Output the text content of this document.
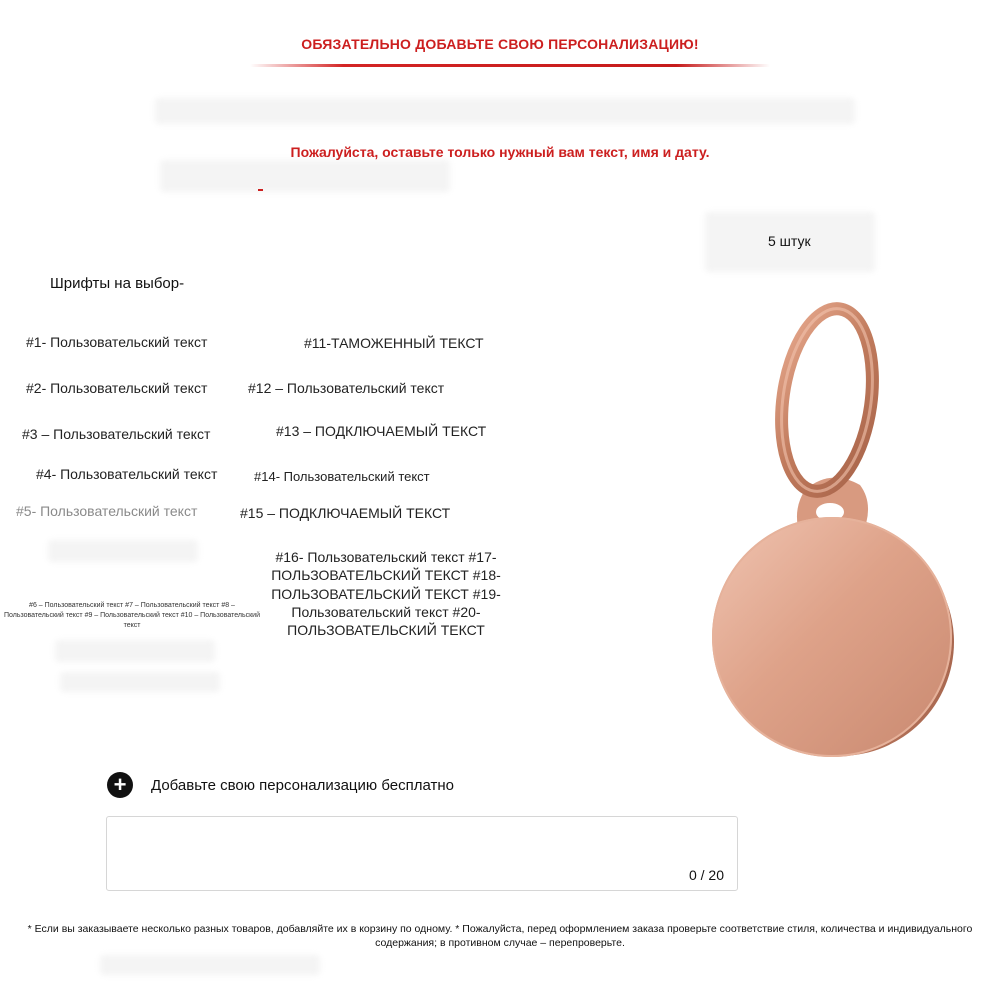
ОБЯЗАТЕЛЬНО ДОБАВЬТЕ СВОЮ ПЕРСОНАЛИЗАЦИЮ!
Пожалуйста, оставьте только нужный вам текст, имя и дату.
5 штук
Шрифты на выбор-
#1- Пользовательский текст	#11-ТАМОЖЕННЫЙ ТЕКСТ
#2- Пользовательский текст	#12 – Пользовательский текст
#3 – Пользовательский текст	#13 – ПОДКЛЮЧАЕМЫЙ ТЕКСТ
#4- Пользовательский текст	#14- Пользовательский текст
#5- Пользовательский текст	#15 – ПОДКЛЮЧАЕМЫЙ ТЕКСТ
#6 – Пользовательский текст #7 – Пользовательский текст #8 – Пользовательский текст #9 – Пользовательский текст #10 – Пользовательский текст
#16- Пользовательский текст #17- ПОЛЬЗОВАТЕЛЬСКИЙ ТЕКСТ #18- ПОЛЬЗОВАТЕЛЬСКИЙ ТЕКСТ #19- Пользовательский текст #20- ПОЛЬЗОВАТЕЛЬСКИЙ ТЕКСТ
+	Добавьте свою персонализацию бесплатно
0 / 20
* Если вы заказываете несколько разных товаров, добавляйте их в корзину по одному. * Пожалуйста, перед оформлением заказа проверьте соответствие стиля, количества и индивидуального содержания; в противном случае – перепроверьте.
